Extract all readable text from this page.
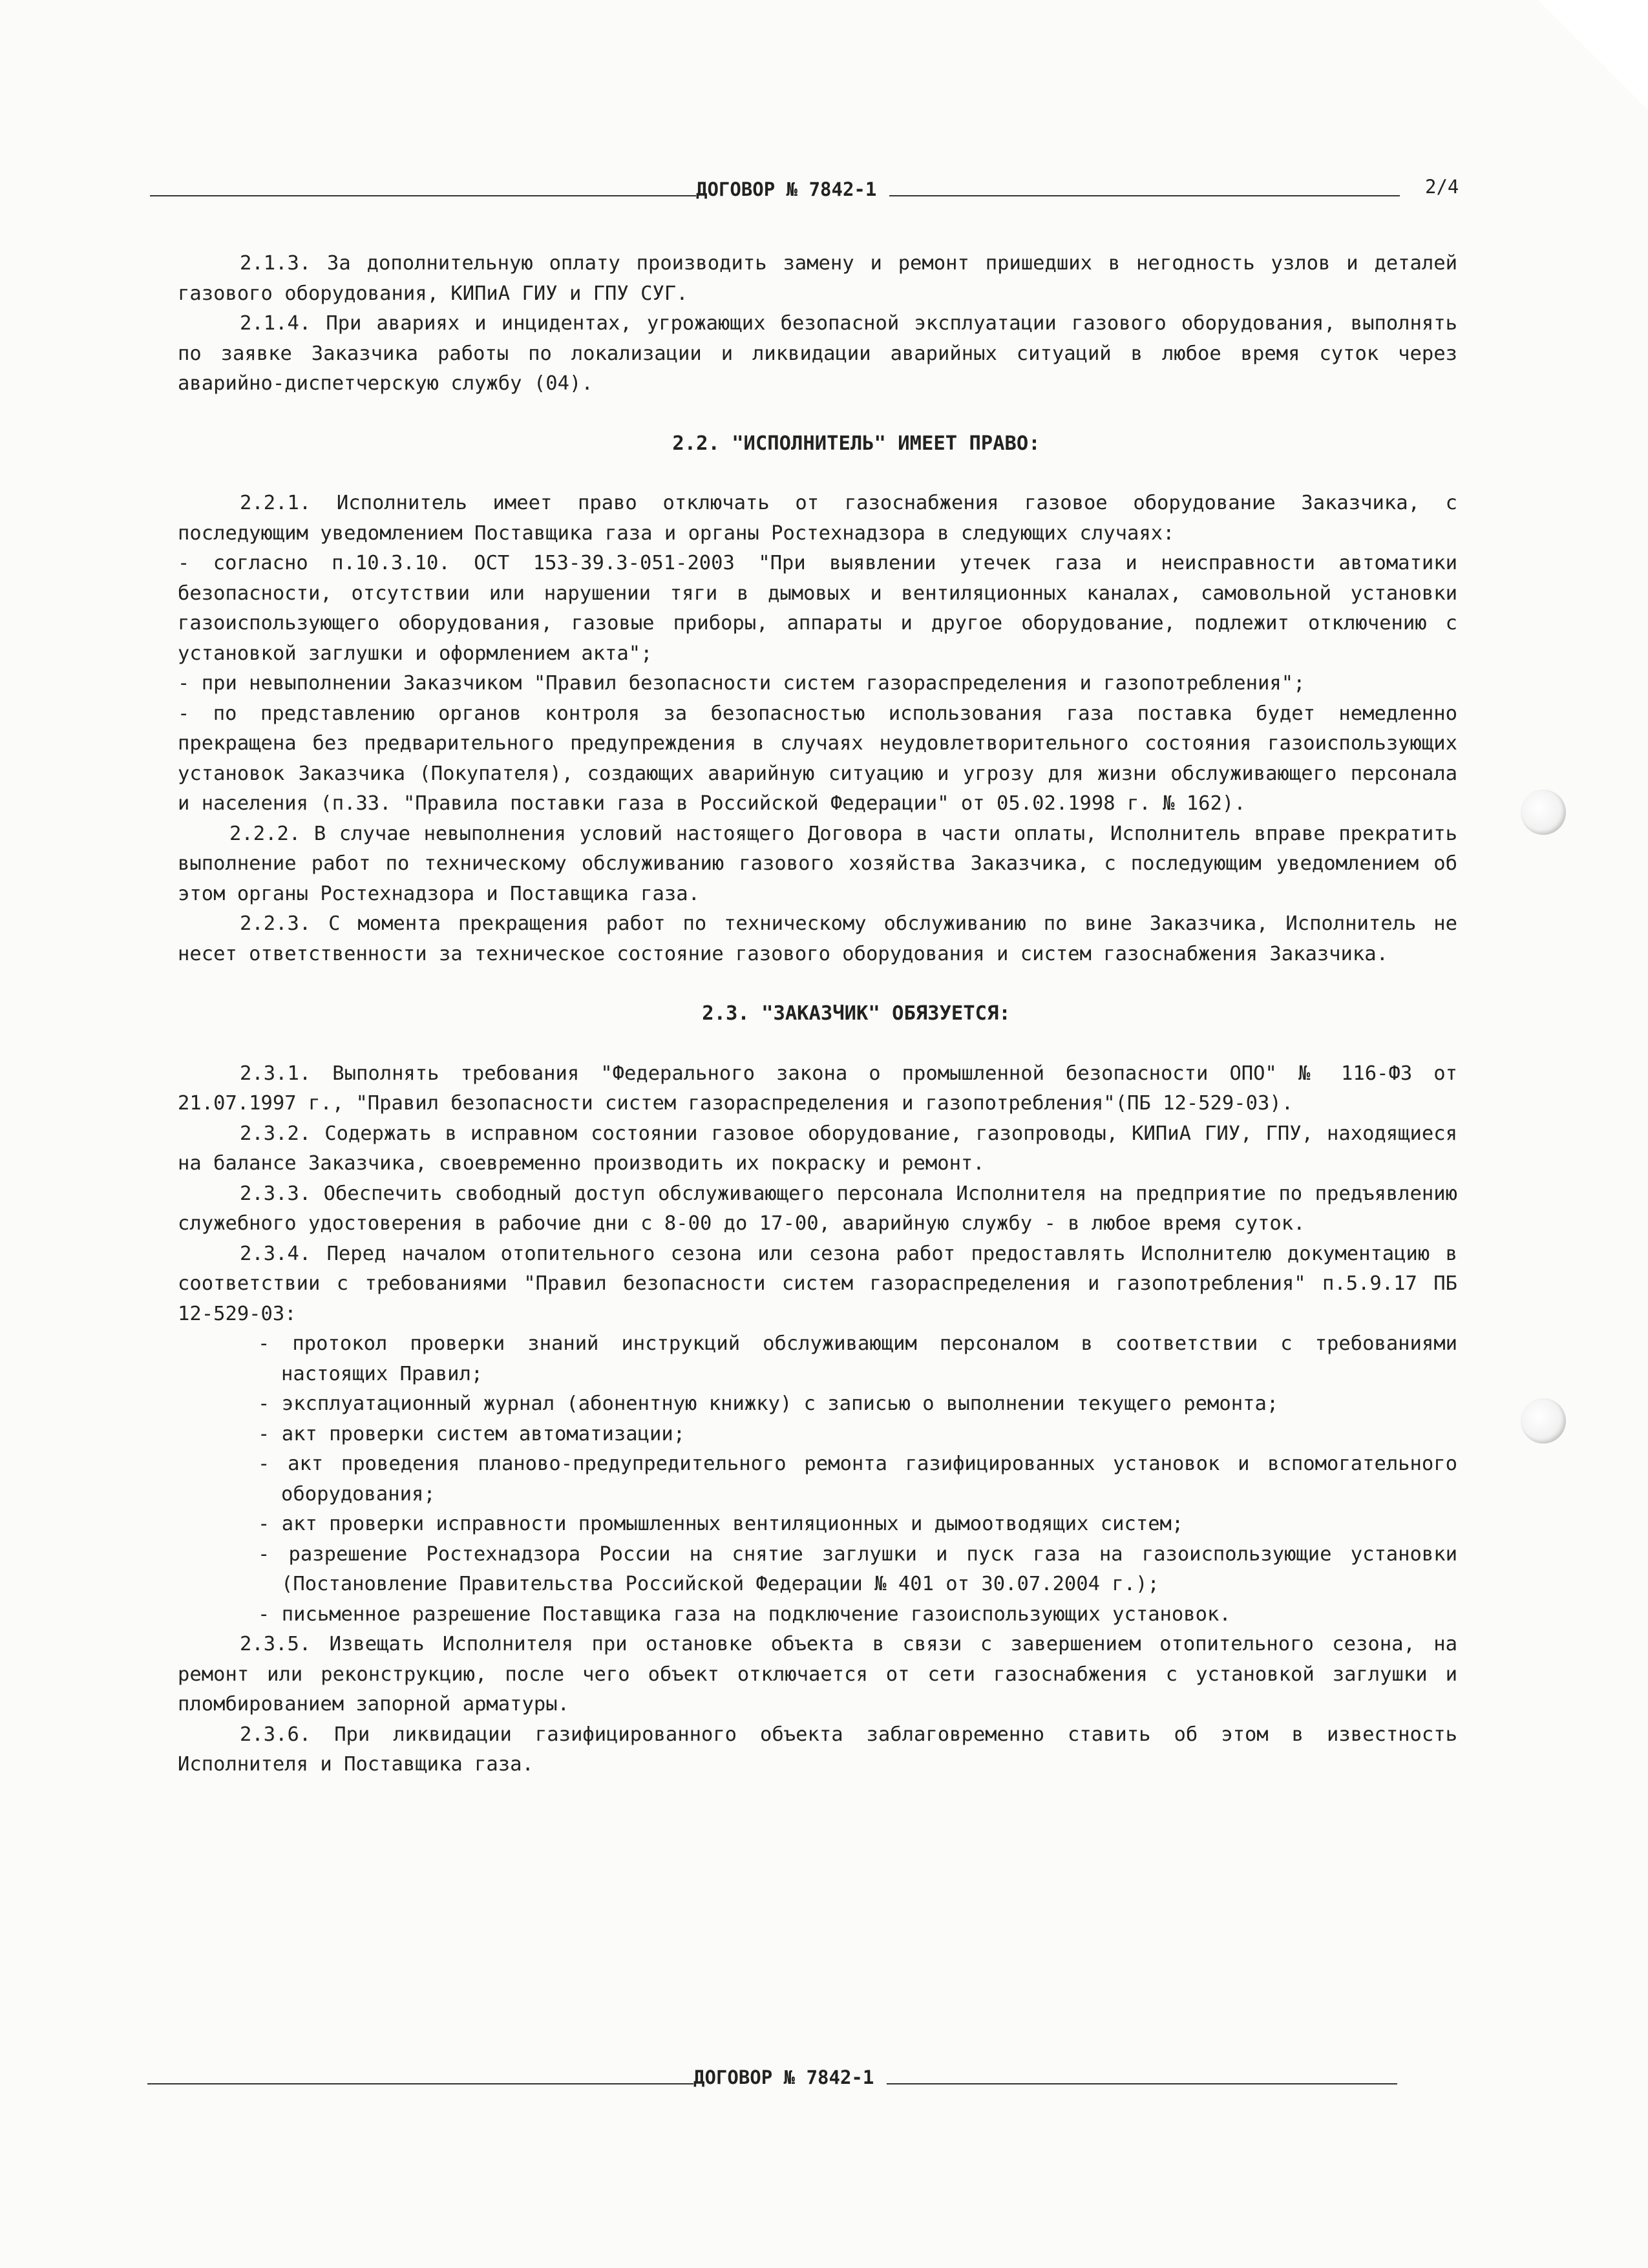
ДОГОВОР № 7842-1	2/4

2.1.3. За дополнительную оплату производить замену и ремонт пришедших в негодность узлов и деталей газового оборудования, КИПиА ГИУ и ГПУ СУГ.

2.1.4. При авариях и инцидентах, угрожающих безопасной эксплуатации газового оборудования, выполнять по заявке Заказчика работы по локализации и ликвидации аварийных ситуаций в любое время суток через аварийно-диспетчерскую службу (04).

2.2. "ИСПОЛНИТЕЛЬ" ИМЕЕТ ПРАВО:

2.2.1. Исполнитель имеет право отключать от газоснабжения газовое оборудование Заказчика, с последующим уведомлением Поставщика газа и органы Ростехнадзора в следующих случаях:

- согласно п.10.3.10. ОСТ 153-39.3-051-2003 "При выявлении утечек газа и неисправности автоматики безопасности, отсутствии или нарушении тяги в дымовых и вентиляционных каналах, самовольной установки газоиспользующего оборудования, газовые приборы, аппараты и другое оборудование, подлежит отключению с установкой заглушки и оформлением акта";

- при невыполнении Заказчиком "Правил безопасности систем газораспределения и газопотребления";

- по представлению органов контроля за безопасностью использования газа поставка будет немедленно прекращена без предварительного предупреждения в случаях неудовлетворительного состояния газоиспользующих установок Заказчика (Покупателя), создающих аварийную ситуацию и угрозу для жизни обслуживающего персонала и населения (п.33. "Правила поставки газа в Российской Федерации" от 05.02.1998 г. № 162).

2.2.2. В случае невыполнения условий настоящего Договора в части оплаты, Исполнитель вправе прекратить выполнение работ по техническому обслуживанию газового хозяйства Заказчика, с последующим уведомлением об этом органы Ростехнадзора и Поставщика газа.

2.2.3. С момента прекращения работ по техническому обслуживанию по вине Заказчика, Исполнитель не несет ответственности за техническое состояние газового оборудования и систем газоснабжения Заказчика.

2.3. "ЗАКАЗЧИК" ОБЯЗУЕТСЯ:

2.3.1. Выполнять требования "Федерального закона о промышленной безопасности ОПО" № 116-ФЗ от 21.07.1997 г., "Правил безопасности систем газораспределения и газопотребления"(ПБ 12-529-03).

2.3.2. Содержать в исправном состоянии газовое оборудование, газопроводы, КИПиА ГИУ, ГПУ, находящиеся на балансе Заказчика, своевременно производить их покраску и ремонт.

2.3.3. Обеспечить свободный доступ обслуживающего персонала Исполнителя на предприятие по предъявлению служебного удостоверения в рабочие дни с 8-00 до 17-00, аварийную службу - в любое время суток.

2.3.4. Перед началом отопительного сезона или сезона работ предоставлять Исполнителю документацию в соответствии с требованиями "Правил безопасности систем газораспределения и газопотребления" п.5.9.17 ПБ 12-529-03:

- протокол проверки знаний инструкций обслуживающим персоналом в соответствии с требованиями настоящих Правил;

- эксплуатационный журнал (абонентную книжку) с записью о выполнении текущего ремонта;

- акт проверки систем автоматизации;

- акт проведения планово-предупредительного ремонта газифицированных установок и вспомогательного оборудования;

- акт проверки исправности промышленных вентиляционных и дымоотводящих систем;

- разрешение Ростехнадзора России на снятие заглушки и пуск газа на газоиспользующие установки (Постановление Правительства Российской Федерации № 401 от 30.07.2004 г.);

- письменное разрешение Поставщика газа на подключение газоиспользующих установок.

2.3.5. Извещать Исполнителя при остановке объекта в связи с завершением отопительного сезона, на ремонт или реконструкцию, после чего объект отключается от сети газоснабжения с установкой заглушки и пломбированием запорной арматуры.

2.3.6. При ликвидации газифицированного объекта заблаговременно ставить об этом в известность Исполнителя и Поставщика газа.

ДОГОВОР № 7842-1
